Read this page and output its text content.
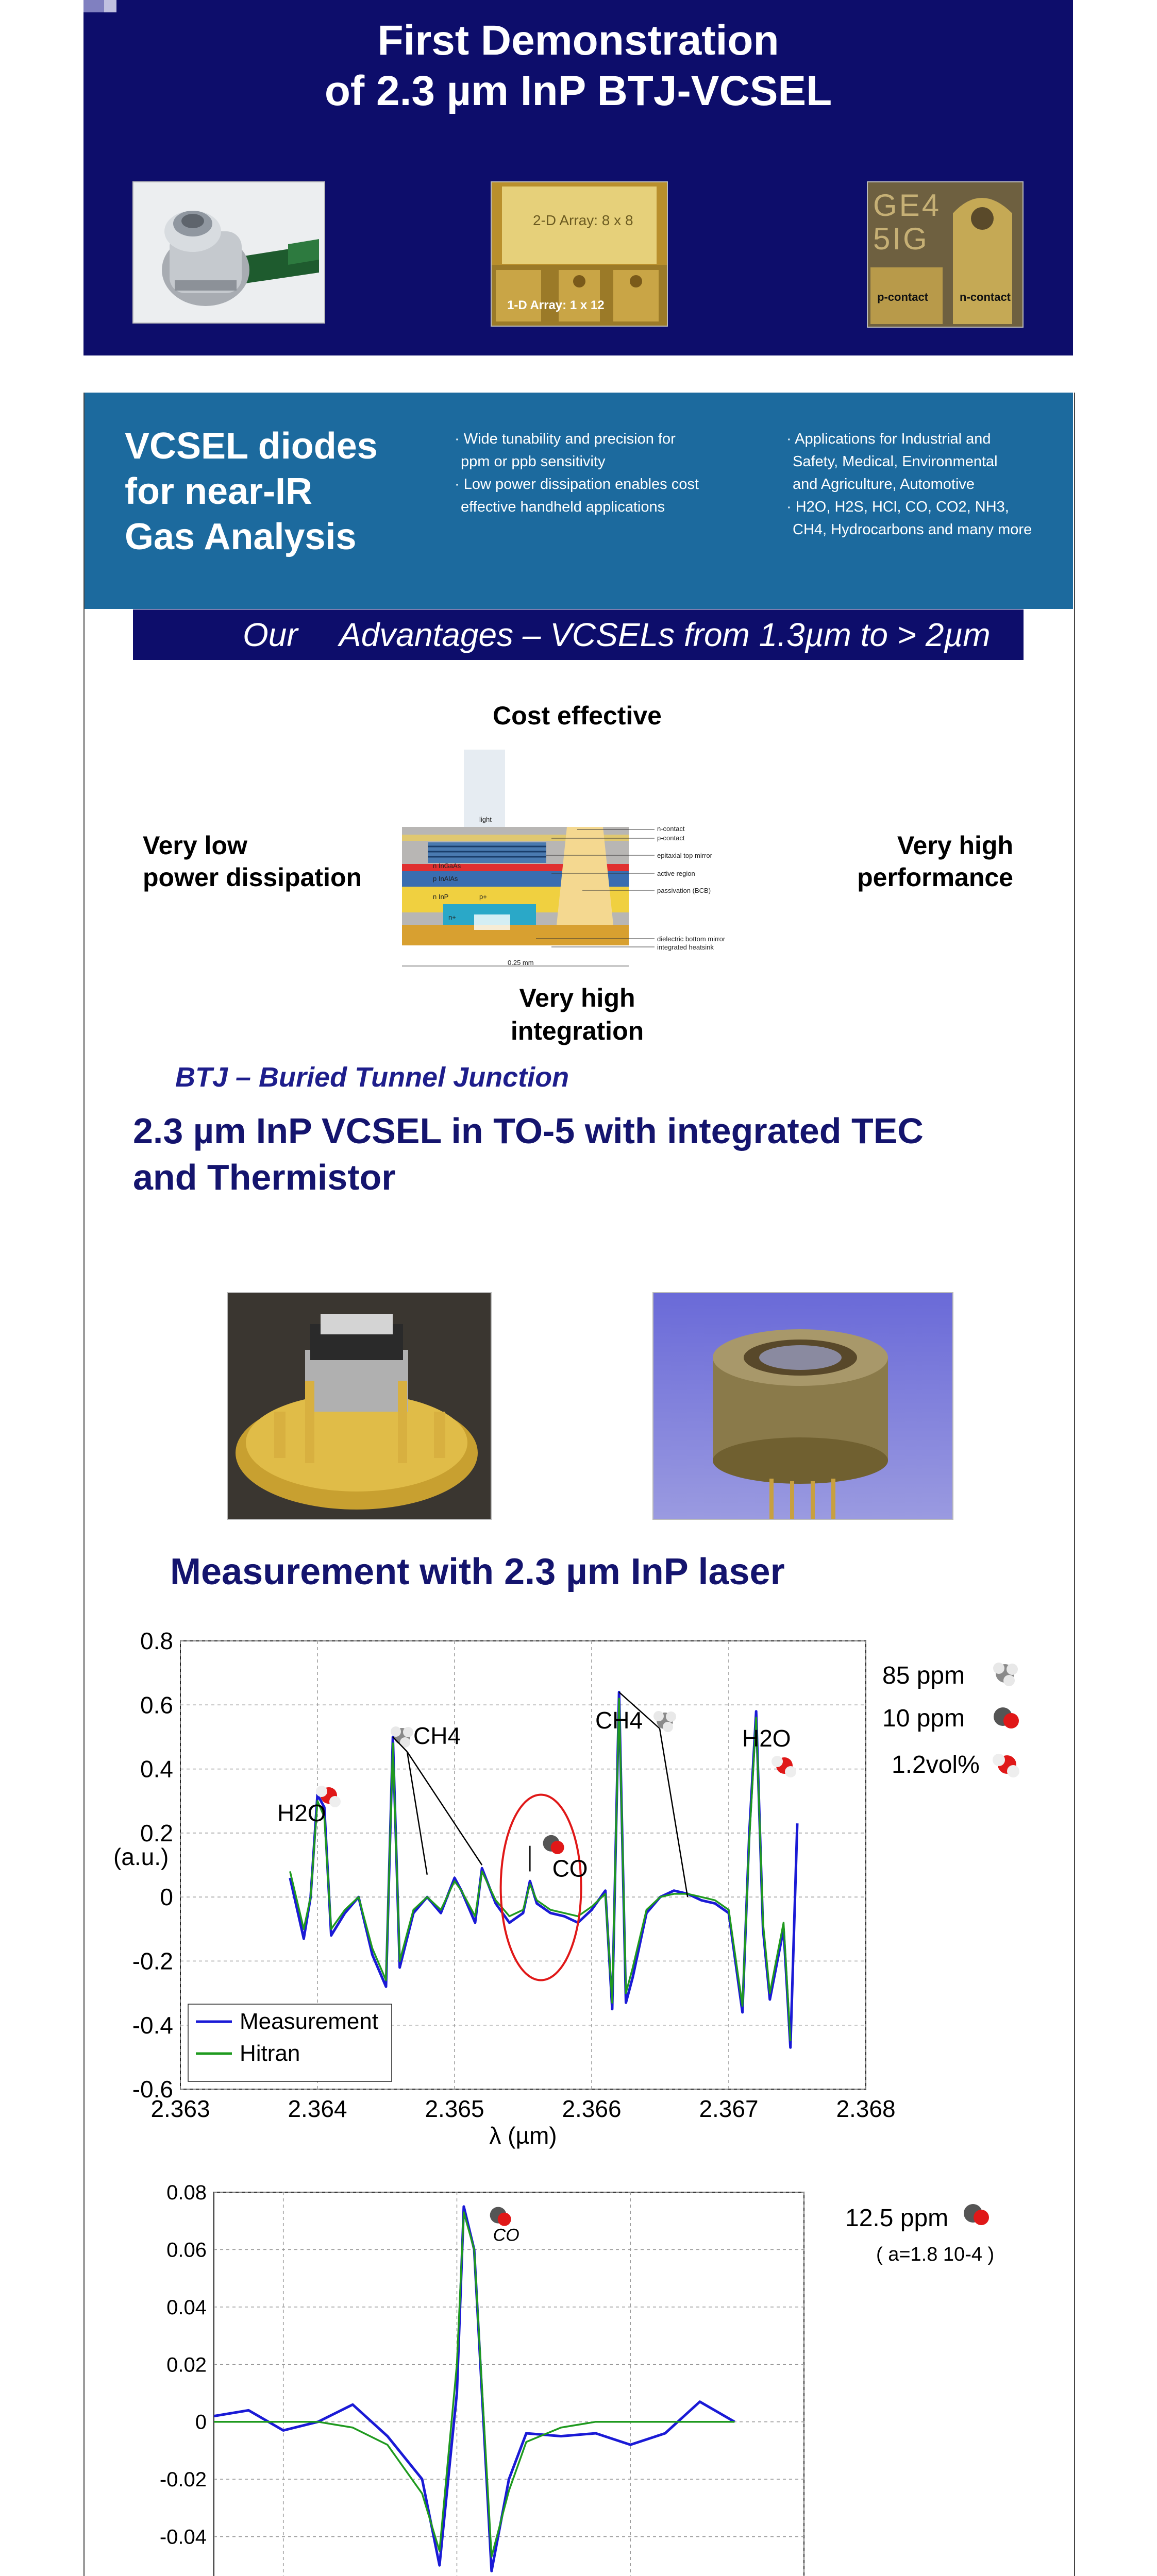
First Demonstration
of 2.3 µm InP BTJ-VCSEL
2-D Array: 8 x 8
1-D Array: 1 x 12
GE4
5IG
p-contact	n-contact
VCSEL diodes
for near-IR
Gas Analysis
· Wide tunability and precision for
ppm or ppb sensitivity
· Low power dissipation enables cost
effective handheld applications
· Applications for Industrial and
Safety, Medical, Environmental
and Agriculture, Automotive
· H2O, H2S, HCl, CO, CO2, NH3,
CH4, Hydrocarbons and many more
Our Advantages – VCSELs from 1.3µm to > 2µm
Cost effective
Very low
power dissipation
Very high
performance
Very high
integration
light
n-contact
p-contact
epitaxial top mirror
active region
passivation (BCB)
dielectric bottom mirror
integrated heatsink
0.25 mm
n InGaAs
p InAlAs
n InP	p+
n+
BTJ – Buried Tunnel Junction
2.3 µm InP VCSEL in TO-5 with integrated TEC
and Thermistor
Measurement with 2.3 µm InP laser
2.363	2.364	2.365	2.366	2.367	2.368
-0.6
-0.4
-0.2
0
0.2
0.4
0.6
0.8
λ (µm)
(a.u.)
Measurement
Hitran
CH4
H2O
CO
CH4
H2O
85 ppm
10 ppm
1.2vol%
-0.04
-0.02
0
0.02
0.04
0.06
0.08
CO
12.5 ppm
( a=1.8 10-4 )
